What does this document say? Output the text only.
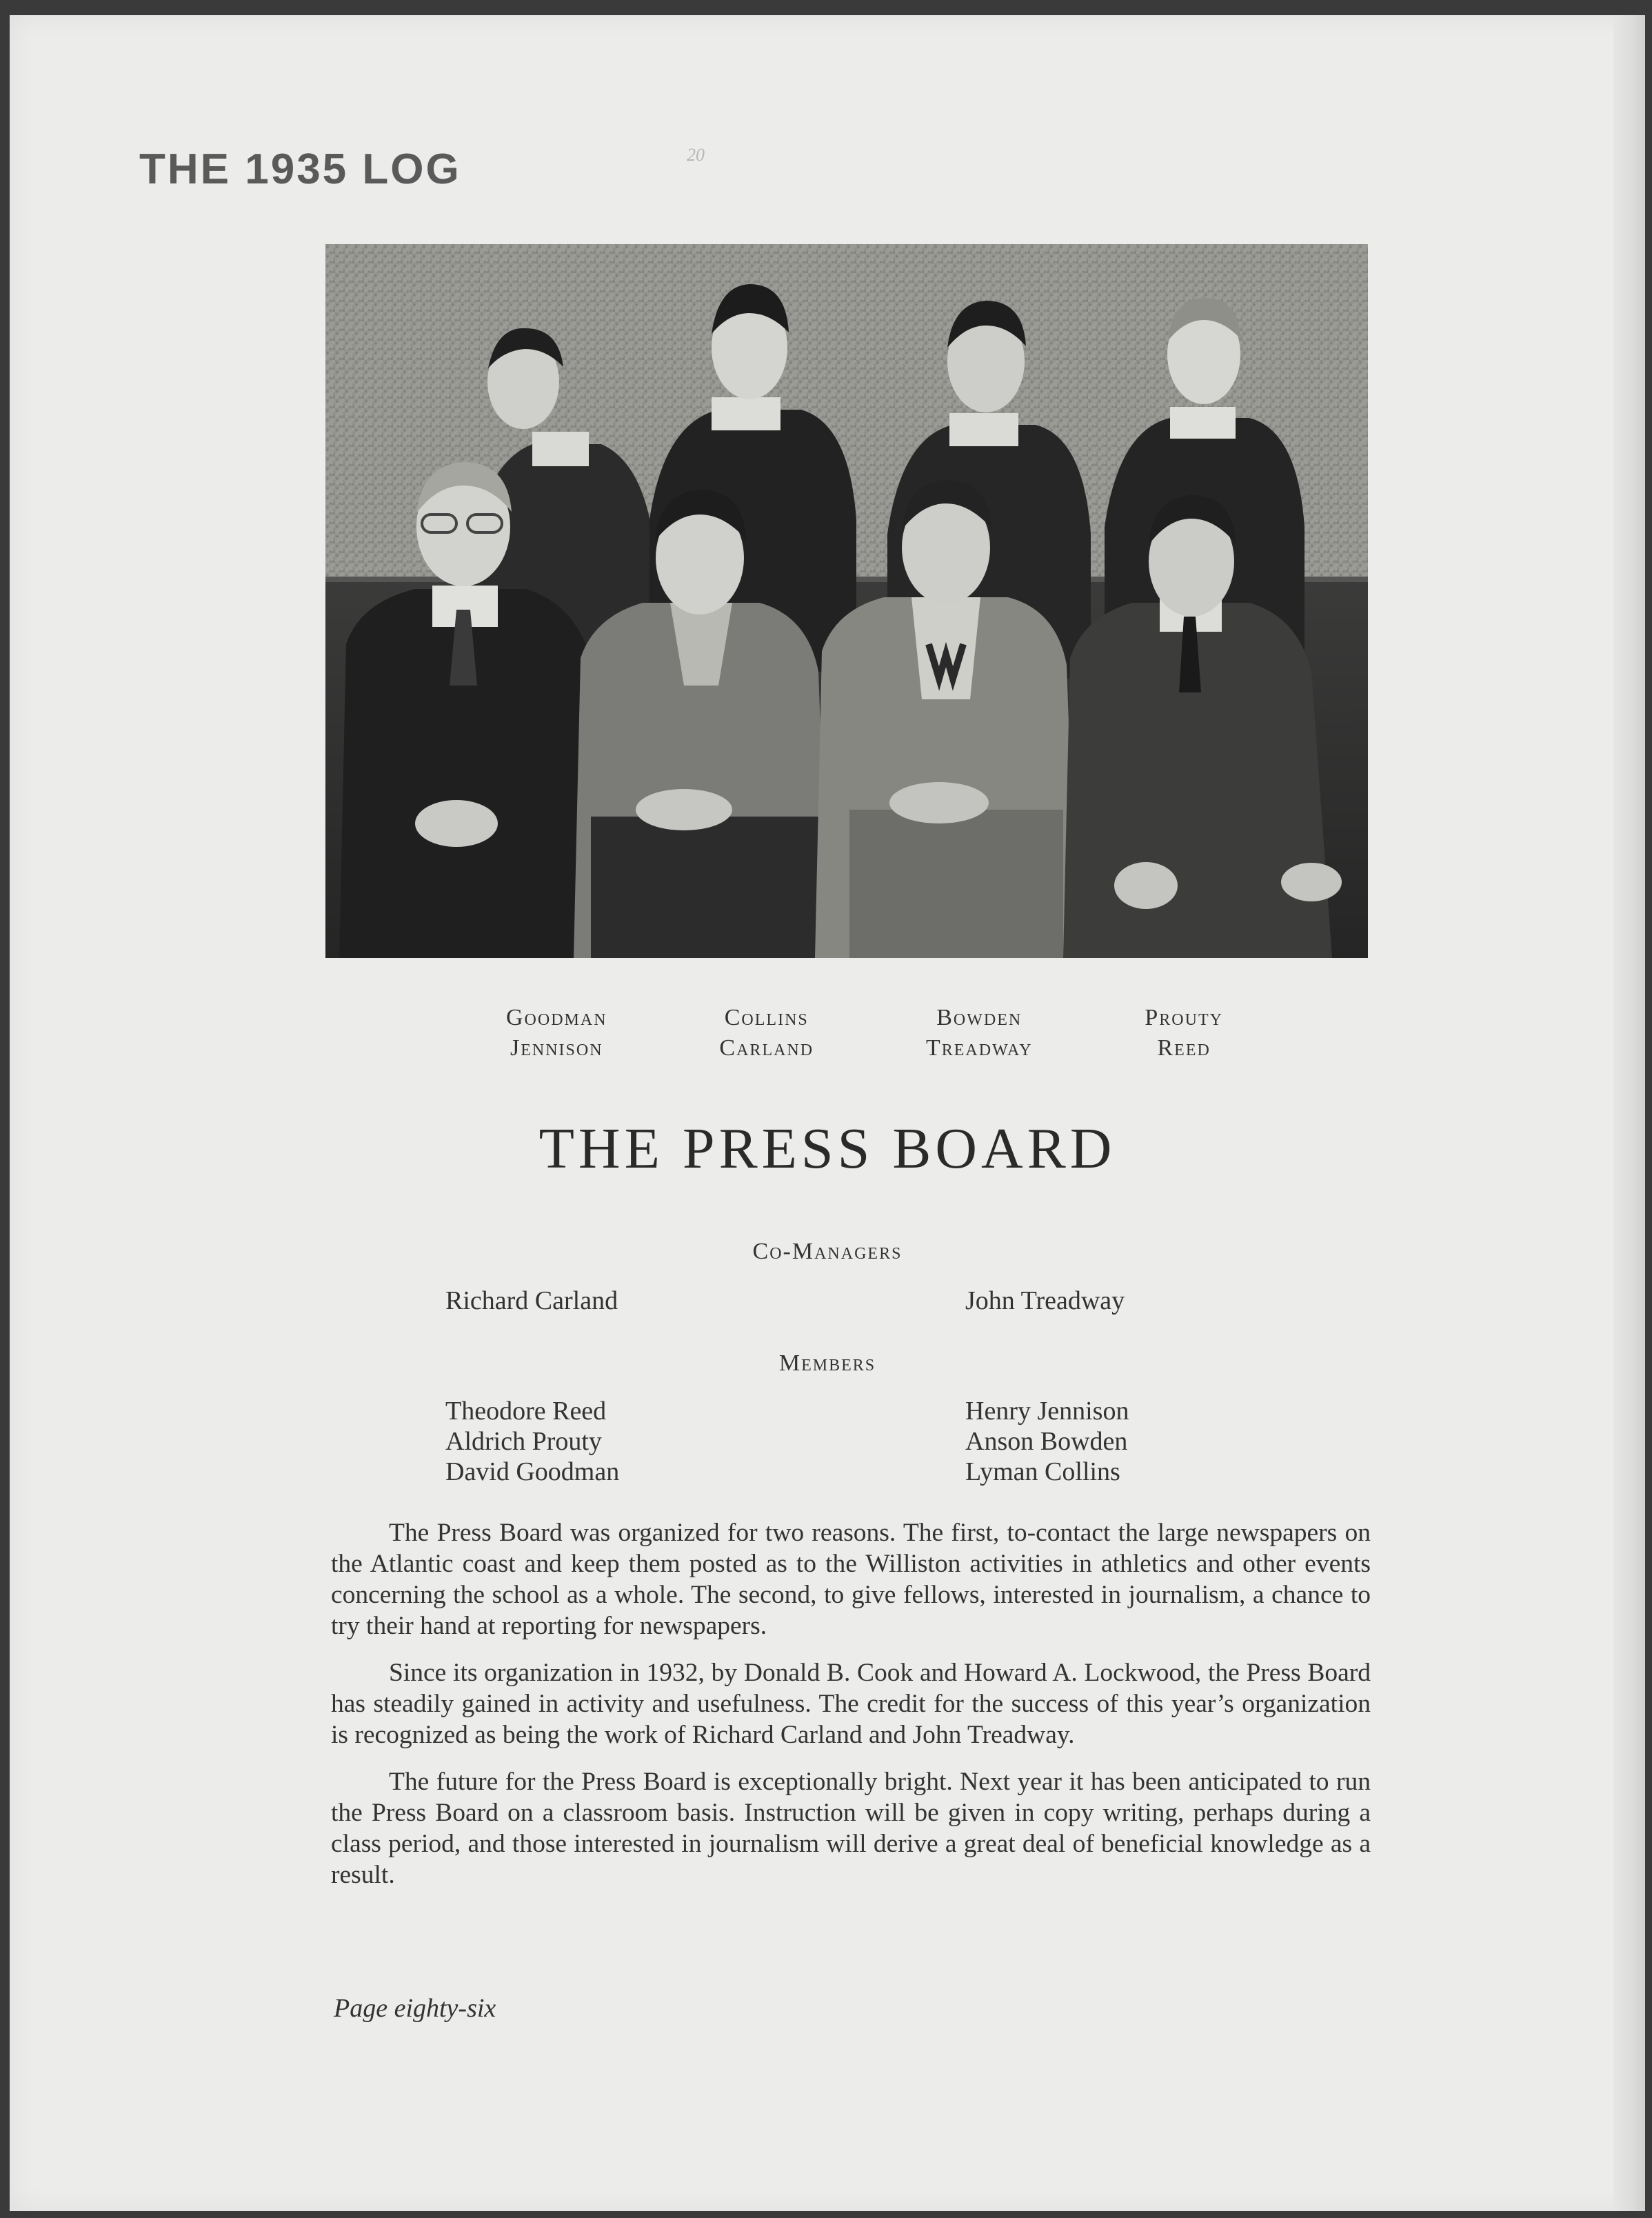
THE 1935 LOG	20
Goodman
Jennison
Collins
Carland
Bowden
Treadway
Prouty
Reed
THE PRESS BOARD
Co-Managers
Richard Carland	John Treadway
Members
Theodore Reed
Aldrich Prouty
David Goodman
Henry Jennison
Anson Bowden
Lyman Collins

The Press Board was organized for two reasons. The first, to-contact the large newspapers on the Atlantic coast and keep them posted as to the Williston activities in athletics and other events concerning the school as a whole. The second, to give fellows, interested in journalism, a chance to try their hand at reporting for newspapers.

Since its organization in 1932, by Donald B. Cook and Howard A. Lockwood, the Press Board has steadily gained in activity and usefulness. The credit for the success of this year’s organization is recognized as being the work of Richard Carland and John Treadway.

The future for the Press Board is exceptionally bright. Next year it has been anticipated to run the Press Board on a classroom basis. Instruction will be given in copy writing, perhaps during a class period, and those interested in journalism will derive a great deal of beneficial knowledge as a result.

Page eighty-six
